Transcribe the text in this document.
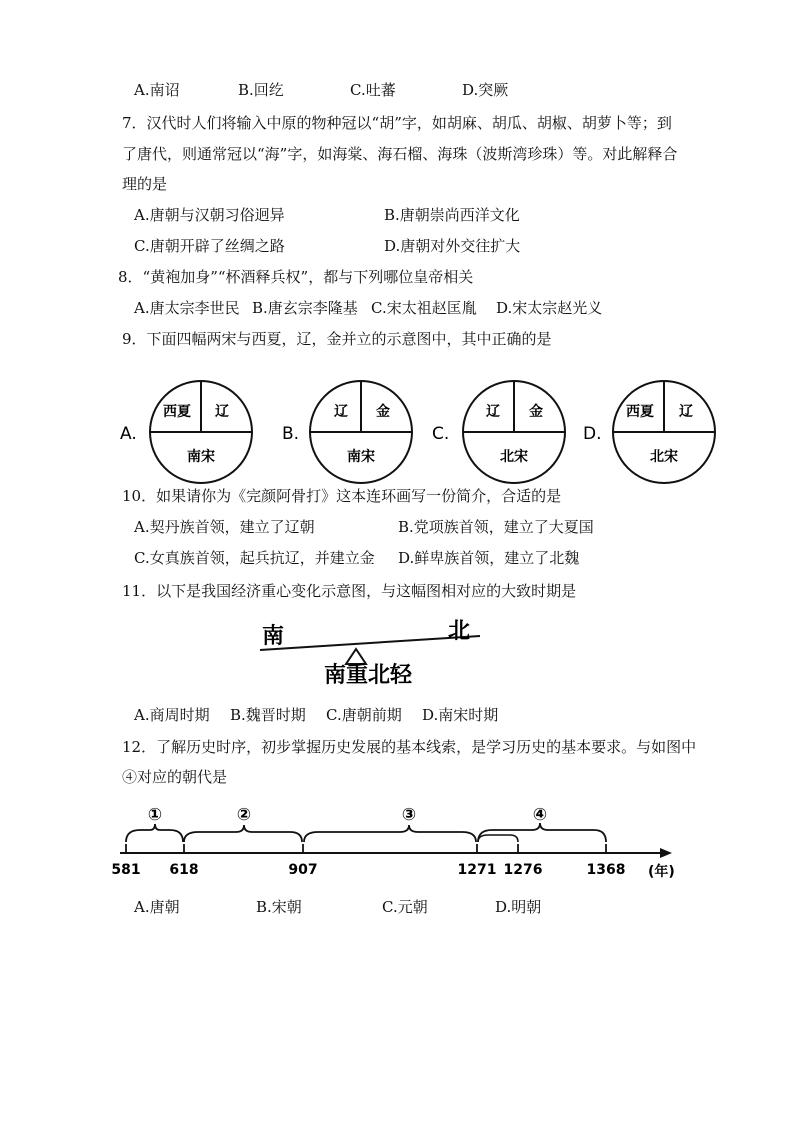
A.南诏	B.回纥	C.吐蕃	D.突厥
7．汉代时人们将输入中原的物种冠以“胡”字，如胡麻、胡瓜、胡椒、胡萝卜等；到
了唐代，则通常冠以“海”字，如海棠、海石榴、海珠（波斯湾珍珠）等。对此解释合
理的是
A.唐朝与汉朝习俗迥异	B.唐朝崇尚西洋文化
C.唐朝开辟了丝绸之路	D.唐朝对外交往扩大
8．“黄袍加身”“杯酒释兵权”，都与下列哪位皇帝相关
A.唐太宗李世民 B.唐玄宗李隆基 C.宋太祖赵匡胤 D.宋太宗赵光义
9．下面四幅两宋与西夏，辽，金并立的示意图中，其中正确的是
A.
西夏 辽
南宋
B.
辽 金
南宋
C.
辽 金
北宋
D.
西夏 辽
北宋
10．如果请你为《完颜阿骨打》这本连环画写一份简介，合适的是
A.契丹族首领，建立了辽朝	B.党项族首领，建立了大夏国
C.女真族首领，起兵抗辽，并建立金 D.鲜卑族首领，建立了北魏
11．以下是我国经济重心变化示意图，与这幅图相对应的大致时期是
南	北
南重北轻
A.商周时期 B.魏晋时期 C.唐朝前期 D.南宋时期
12．了解历史时序，初步掌握历史发展的基本线索，是学习历史的基本要求。与如图中
④对应的朝代是
①	②	③	④
581 618	907	1271 1276	1368 (年)
A.唐朝	B.宋朝	C.元朝	D.明朝
